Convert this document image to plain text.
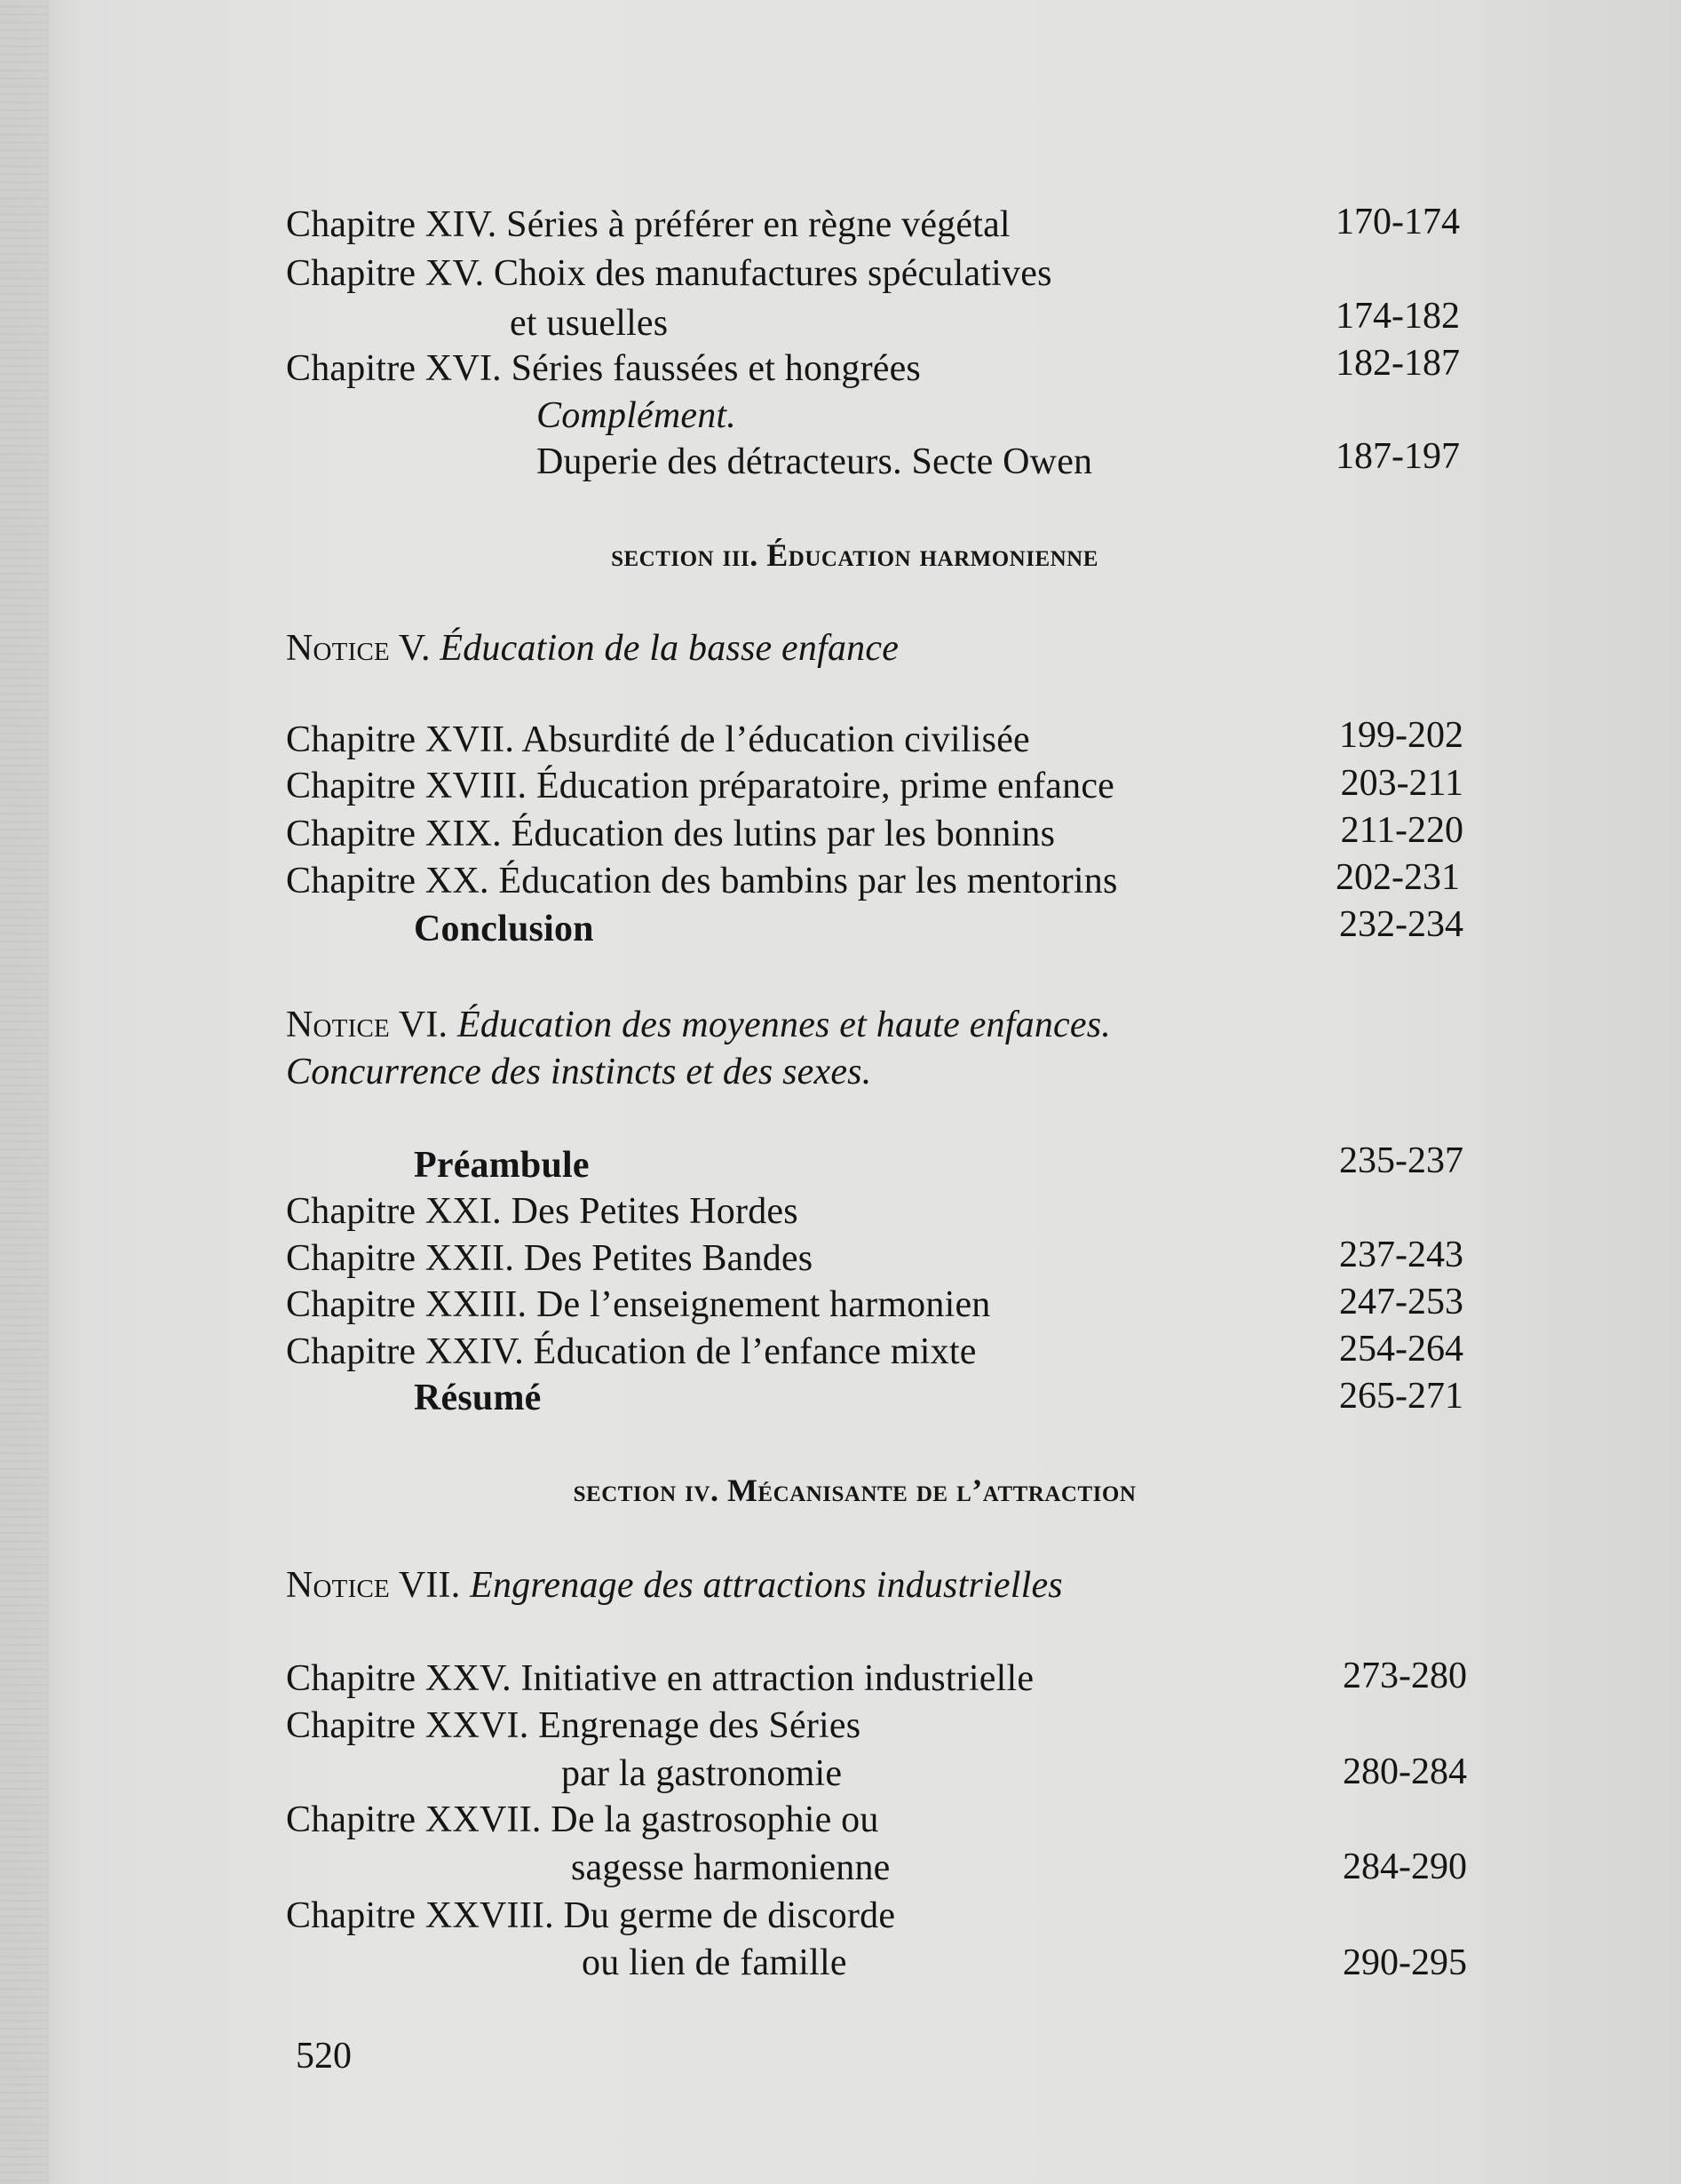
Chapitre XIV. Séries à préférer en règne végétal	170-174
Chapitre XV. Choix des manufactures spéculatives
et usuelles	174-182
Chapitre XVI. Séries faussées et hongrées	182-187
Complément.
Duperie des détracteurs. Secte Owen	187-197
section iii. Éducation harmonienne
Notice V. Éducation de la basse enfance
Chapitre XVII. Absurdité de l’éducation civilisée	199-202
Chapitre XVIII. Éducation préparatoire, prime enfance	203-211
Chapitre XIX. Éducation des lutins par les bonnins	211-220
Chapitre XX. Éducation des bambins par les mentorins	202-231
Conclusion	232-234
Notice VI. Éducation des moyennes et haute enfances.
Concurrence des instincts et des sexes.
Préambule	235-237
Chapitre XXI. Des Petites Hordes
Chapitre XXII. Des Petites Bandes	237-243
Chapitre XXIII. De l’enseignement harmonien	247-253
Chapitre XXIV. Éducation de l’enfance mixte	254-264
Résumé	265-271
section iv. Mécanisante de l’attraction
Notice VII. Engrenage des attractions industrielles
Chapitre XXV. Initiative en attraction industrielle	273-280
Chapitre XXVI. Engrenage des Séries
par la gastronomie	280-284
Chapitre XXVII. De la gastrosophie ou
sagesse harmonienne	284-290
Chapitre XXVIII. Du germe de discorde
ou lien de famille	290-295
520
